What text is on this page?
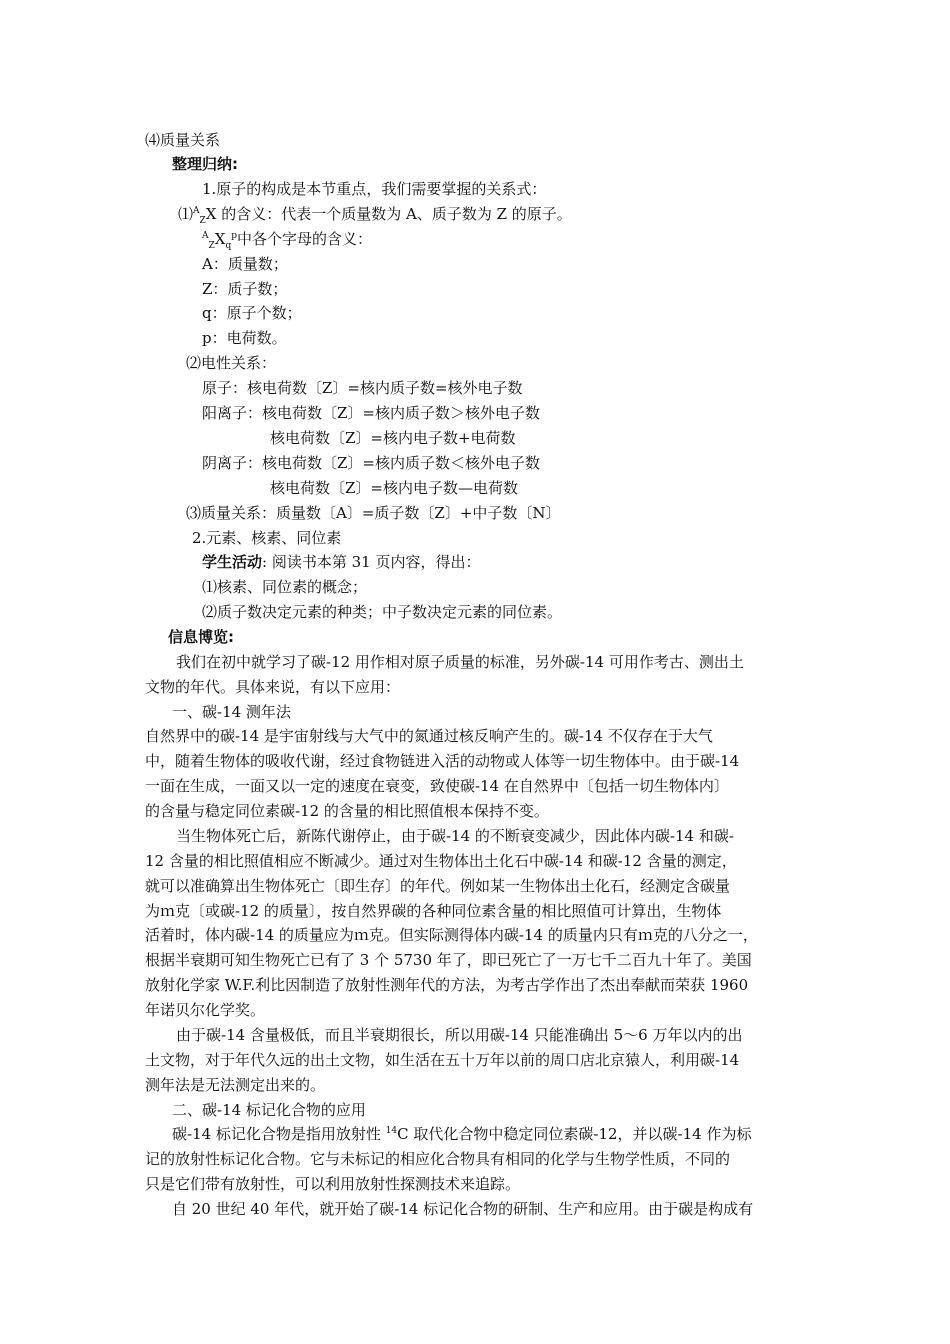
⑷质量关系
整理归纳:
1.原子的构成是本节重点，我们需要掌握的关系式：
⑴$^A_Z$X 的含义：代表一个质量数为 A、质子数为 Z 的原子。
$^A_ZX_q^p$中各个字母的含义：
A：质量数；
Z：质子数；
q：原子个数；
p：电荷数。
⑵电性关系：
原子：核电荷数〔Z〕=核内质子数=核外电子数
阳离子：核电荷数〔Z〕=核内质子数＞核外电子数
核电荷数〔Z〕=核内电子数+电荷数
阴离子：核电荷数〔Z〕=核内质子数＜核外电子数
核电荷数〔Z〕=核内电子数—电荷数
⑶质量关系：质量数〔A〕=质子数〔Z〕+中子数〔N〕
2.元素、核素、同位素
学生活动: 阅读书本第 31 页内容，得出：
⑴核素、同位素的概念；
⑵质子数决定元素的种类；中子数决定元素的同位素。
信息博览:
我们在初中就学习了碳-12 用作相对原子质量的标准，另外碳-14 可用作考古、测出土
文物的年代。具体来说，有以下应用：
一、碳-14 测年法
自然界中的碳-14 是宇宙射线与大气中的氮通过核反响产生的。碳-14 不仅存在于大气
中，随着生物体的吸收代谢，经过食物链进入活的动物或人体等一切生物体中。由于碳-14
一面在生成，一面又以一定的速度在衰变，致使碳-14 在自然界中〔包括一切生物体内〕
的含量与稳定同位素碳-12 的含量的相比照值根本保持不变。
当生物体死亡后，新陈代谢停止，由于碳-14 的不断衰变减少，因此体内碳-14 和碳-
12 含量的相比照值相应不断减少。通过对生物体出土化石中碳-14 和碳-12 含量的测定，
就可以准确算出生物体死亡〔即生存〕的年代。例如某一生物体出土化石，经测定含碳量
为ｍ克〔或碳-12 的质量〕，按自然界碳的各种同位素含量的相比照值可计算出，生物体
活着时，体内碳-14 的质量应为ｍ克。但实际测得体内碳-14 的质量内只有ｍ克的八分之一，
根据半衰期可知生物死亡已有了 3 个 5730 年了，即已死亡了一万七千二百九十年了。美国
放射化学家 W.F.利比因制造了放射性测年代的方法，为考古学作出了杰出奉献而荣获 1960
年诺贝尔化学奖。
由于碳-14 含量极低，而且半衰期很长，所以用碳-14 只能准确出 5～6 万年以内的出
土文物，对于年代久远的出土文物，如生活在五十万年以前的周口店北京猿人，利用碳-14
测年法是无法测定出来的。
二、碳-14 标记化合物的应用
碳-14 标记化合物是指用放射性 $^{14}$C 取代化合物中稳定同位素碳-12，并以碳-14 作为标
记的放射性标记化合物。它与未标记的相应化合物具有相同的化学与生物学性质，不同的
只是它们带有放射性，可以利用放射性探测技术来追踪。
自 20 世纪 40 年代，就开始了碳-14 标记化合物的研制、生产和应用。由于碳是构成有
